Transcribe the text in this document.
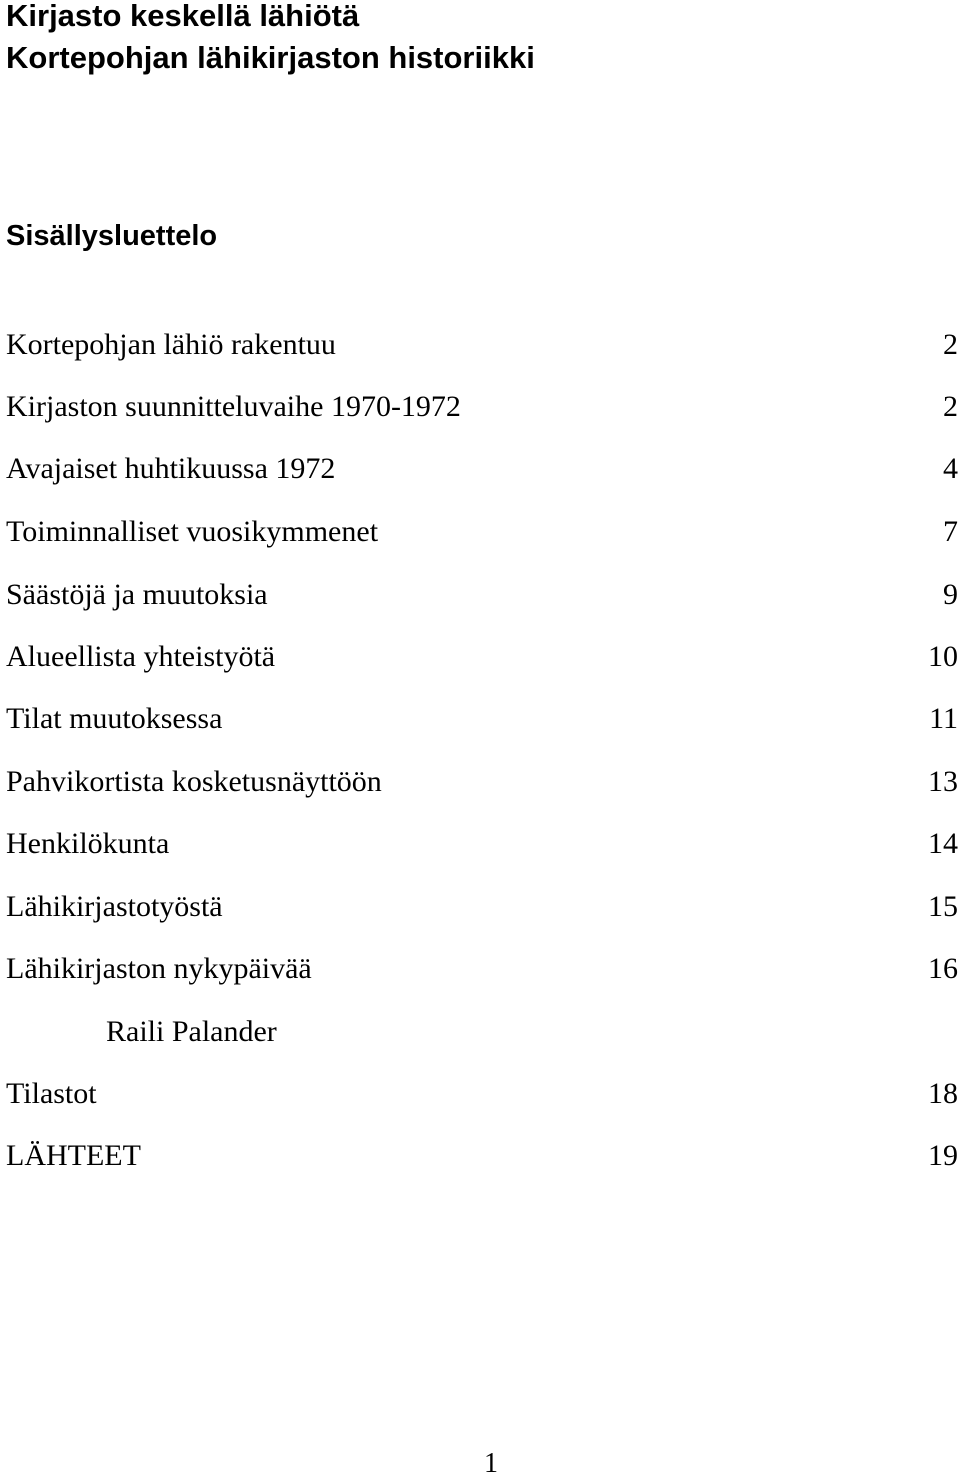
Kirjasto keskellä lähiötä
Kortepohjan lähikirjaston historiikki
Sisällysluettelo
Kortepohjan lähiö rakentuu	2
Kirjaston suunnitteluvaihe 1970-1972	2
Avajaiset huhtikuussa 1972	4
Toiminnalliset vuosikymmenet	7
Säästöjä ja muutoksia	9
Alueellista yhteistyötä	10
Tilat muutoksessa	11
Pahvikortista kosketusnäyttöön	13
Henkilökunta	14
Lähikirjastotyöstä	15
Lähikirjaston nykypäivää	16
Tilastot	18
LÄHTEET	19
Raili Palander
1
